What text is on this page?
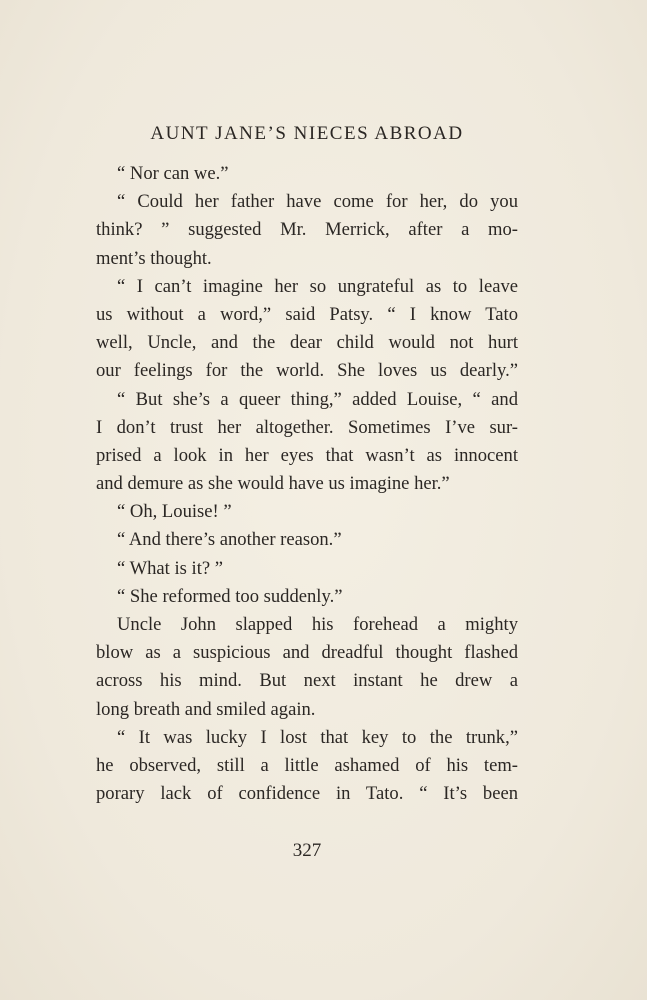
AUNT JANE’S NIECES ABROAD
“ Nor can we.”
“ Could her father have come for her, do you
think? ” suggested Mr. Merrick, after a mo-
ment’s thought.
“ I can’t imagine her so ungrateful as to leave
us without a word,” said Patsy. “ I know Tato
well, Uncle, and the dear child would not hurt
our feelings for the world. She loves us dearly.”
“ But she’s a queer thing,” added Louise, “ and
I don’t trust her altogether. Sometimes I’ve sur-
prised a look in her eyes that wasn’t as innocent
and demure as she would have us imagine her.”
“ Oh, Louise! ”
“ And there’s another reason.”
“ What is it? ”
“ She reformed too suddenly.”
Uncle John slapped his forehead a mighty
blow as a suspicious and dreadful thought flashed
across his mind. But next instant he drew a
long breath and smiled again.
“ It was lucky I lost that key to the trunk,”
he observed, still a little ashamed of his tem-
porary lack of confidence in Tato. “ It’s been
327
